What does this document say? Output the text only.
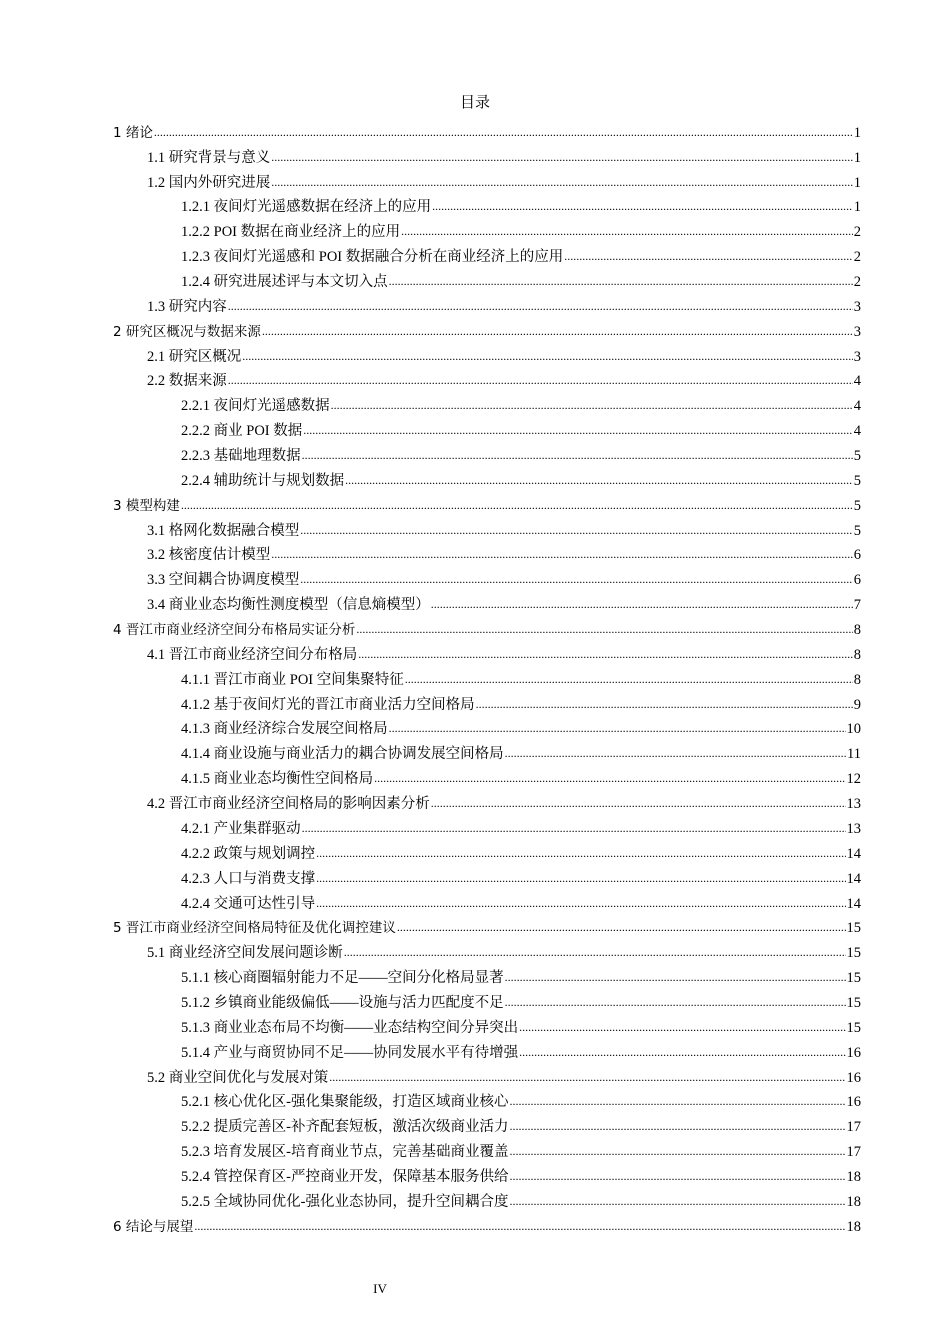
目录
1 绪论 .....	1
1.1 研究背景与意义 .....	1
1.2 国内外研究进展 .....	1
1.2.1 夜间灯光遥感数据在经济上的应用 .....	1
1.2.2 POI 数据在商业经济上的应用 .....	2
1.2.3 夜间灯光遥感和 POI 数据融合分析在商业经济上的应用 .....	2
1.2.4 研究进展述评与本文切入点 .....	2
1.3 研究内容 .....	3
2 研究区概况与数据来源 .....	3
2.1 研究区概况 .....	3
2.2 数据来源 .....	4
2.2.1 夜间灯光遥感数据 .....	4
2.2.2 商业 POI 数据 .....	4
2.2.3 基础地理数据 .....	5
2.2.4 辅助统计与规划数据 .....	5
3 模型构建 .....	5
3.1 格网化数据融合模型 .....	5
3.2 核密度估计模型 .....	6
3.3 空间耦合协调度模型 .....	6
3.4 商业业态均衡性测度模型（信息熵模型） .....	7
4 晋江市商业经济空间分布格局实证分析 .....	8
4.1 晋江市商业经济空间分布格局 .....	8
4.1.1 晋江市商业 POI 空间集聚特征 .....	8
4.1.2 基于夜间灯光的晋江市商业活力空间格局 .....	9
4.1.3 商业经济综合发展空间格局 .....	10
4.1.4 商业设施与商业活力的耦合协调发展空间格局 .....	11
4.1.5 商业业态均衡性空间格局 .....	12
4.2 晋江市商业经济空间格局的影响因素分析 .....	13
4.2.1 产业集群驱动 .....	13
4.2.2 政策与规划调控 .....	14
4.2.3 人口与消费支撑 .....	14
4.2.4 交通可达性引导 .....	14
5 晋江市商业经济空间格局特征及优化调控建议 .....	15
5.1 商业经济空间发展问题诊断 .....	15
5.1.1 核心商圈辐射能力不足——空间分化格局显著 .....	15
5.1.2 乡镇商业能级偏低——设施与活力匹配度不足 .....	15
5.1.3 商业业态布局不均衡——业态结构空间分异突出 .....	15
5.1.4 产业与商贸协同不足——协同发展水平有待增强 .....	16
5.2 商业空间优化与发展对策 .....	16
5.2.1 核心优化区-强化集聚能级，打造区域商业核心 .....	16
5.2.2 提质完善区-补齐配套短板，激活次级商业活力 .....	17
5.2.3 培育发展区-培育商业节点，完善基础商业覆盖 .....	17
5.2.4 管控保育区-严控商业开发，保障基本服务供给 .....	18
5.2.5 全域协同优化-强化业态协同，提升空间耦合度 .....	18
6 结论与展望 .....	18
IV
